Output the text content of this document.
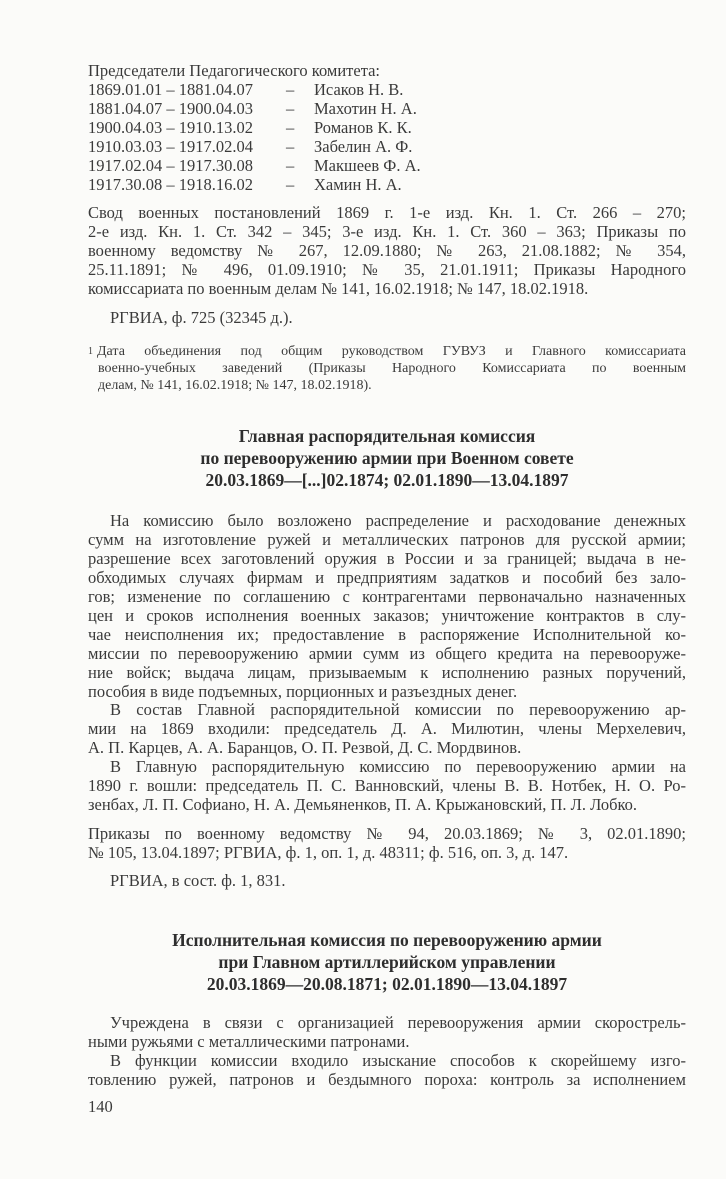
Председатели Педагогического комитета:
1869.01.01 – 1881.04.07 – Исаков Н. В.
1881.04.07 – 1900.04.03 – Махотин Н. А.
1900.04.03 – 1910.13.02 – Романов К. К.
1910.03.03 – 1917.02.04 – Забелин А. Ф.
1917.02.04 – 1917.30.08 – Макшеев Ф. А.
1917.30.08 – 1918.16.02 – Хамин Н. А.
Свод военных постановлений 1869 г. 1-е изд. Кн. 1. Ст. 266 – 270;
2-е изд. Кн. 1. Ст. 342 – 345; 3-е изд. Кн. 1. Ст. 360 – 363; Приказы по
военному ведомству № 267, 12.09.1880; № 263, 21.08.1882; № 354,
25.11.1891; № 496, 01.09.1910; № 35, 21.01.1911; Приказы Народного
комиссариата по военным делам № 141, 16.02.1918; № 147, 18.02.1918.
РГВИА, ф. 725 (32345 д.).
1 Дата объединения под общим руководством ГУВУЗ и Главного комиссариата
военно-учебных заведений (Приказы Народного Комиссариата по военным
делам, № 141, 16.02.1918; № 147, 18.02.1918).
Главная распорядительная комиссия
по перевооружению армии при Военном совете
20.03.1869—[...]02.1874; 02.01.1890—13.04.1897
На комиссию было возложено распределение и расходование денежных
сумм на изготовление ружей и металлических патронов для русской армии;
разрешение всех заготовлений оружия в России и за границей; выдача в не-
обходимых случаях фирмам и предприятиям задатков и пособий без зало-
гов; изменение по соглашению с контрагентами первоначально назначенных
цен и сроков исполнения военных заказов; уничтожение контрактов в слу-
чае неисполнения их; предоставление в распоряжение Исполнительной ко-
миссии по перевооружению армии сумм из общего кредита на перевооруже-
ние войск; выдача лицам, призываемым к исполнению разных поручений,
пособия в виде подъемных, порционных и разъездных денег.
В состав Главной распорядительной комиссии по перевооружению ар-
мии на 1869 входили: председатель Д. А. Милютин, члены Мерхелевич,
А. П. Карцев, А. А. Баранцов, О. П. Резвой, Д. С. Мордвинов.
В Главную распорядительную комиссию по перевооружению армии на
1890 г. вошли: председатель П. С. Ванновский, члены В. В. Нотбек, Н. О. Ро-
зенбах, Л. П. Софиано, Н. А. Демьяненков, П. А. Крыжановский, П. Л. Лобко.
Приказы по военному ведомству № 94, 20.03.1869; № 3, 02.01.1890;
№ 105, 13.04.1897; РГВИА, ф. 1, оп. 1, д. 48311; ф. 516, оп. 3, д. 147.
РГВИА, в сост. ф. 1, 831.
Исполнительная комиссия по перевооружению армии
при Главном артиллерийском управлении
20.03.1869—20.08.1871; 02.01.1890—13.04.1897
Учреждена в связи с организацией перевооружения армии скорострель-
ными ружьями с металлическими патронами.
В функции комиссии входило изыскание способов к скорейшему изго-
товлению ружей, патронов и бездымного пороха: контроль за исполнением
140
